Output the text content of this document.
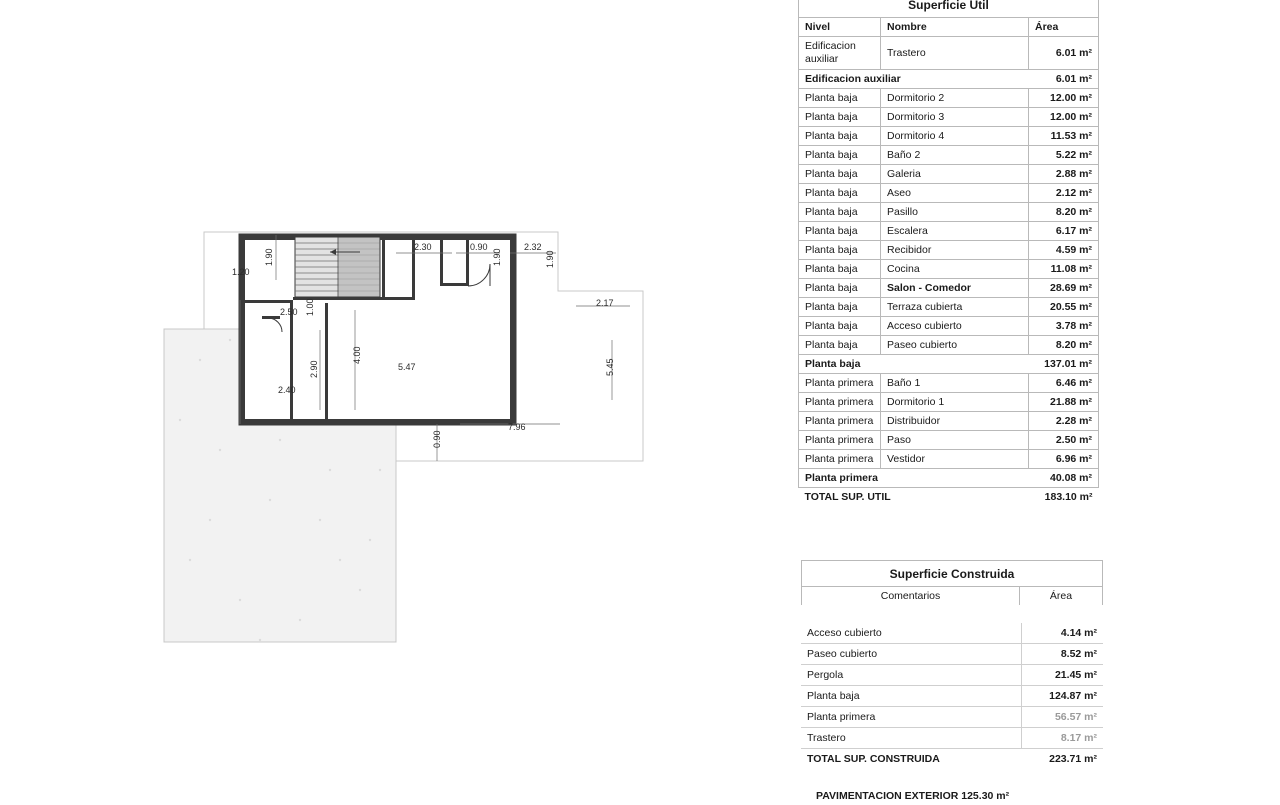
2.30	0.90	2.32
1.90
1.20
1.90	1.90
2.17
2.50 1.00
4.00
5.47	5.45
2.90
2.40
7.96
0.90
Superficie Util		
Nivel	Nombre	Área
Edificacion auxiliar	Trastero	6.01 m²
Edificacion auxiliar		6.01 m²
Planta baja	Dormitorio 2	12.00 m²
Planta baja	Dormitorio 3	12.00 m²
Planta baja	Dormitorio 4	11.53 m²
Planta baja	Baño 2	5.22 m²
Planta baja	Galeria	2.88 m²
Planta baja	Aseo	2.12 m²
Planta baja	Pasillo	8.20 m²
Planta baja	Escalera	6.17 m²
Planta baja	Recibidor	4.59 m²
Planta baja	Cocina	11.08 m²
Planta baja	Salon - Comedor	28.69 m²
Planta baja	Terraza cubierta	20.55 m²
Planta baja	Acceso cubierto	3.78 m²
Planta baja	Paseo cubierto	8.20 m²
Planta baja		137.01 m²
Planta primera	Baño 1	6.46 m²
Planta primera	Dormitorio 1	21.88 m²
Planta primera	Distribuidor	2.28 m²
Planta primera	Paso	2.50 m²
Planta primera	Vestidor	6.96 m²
Planta primera		40.08 m²
TOTAL SUP. UTIL		183.10 m²
Superficie Construida
Comentarios	Área
Acceso cubierto	4.14 m²
Paseo cubierto	8.52 m²
Pergola	21.45 m²
Planta baja	124.87 m²
Planta primera	56.57 m²
Trastero	8.17 m²
TOTAL SUP. CONSTRUIDA	223.71 m²
PAVIMENTACION EXTERIOR 125.30 m²
